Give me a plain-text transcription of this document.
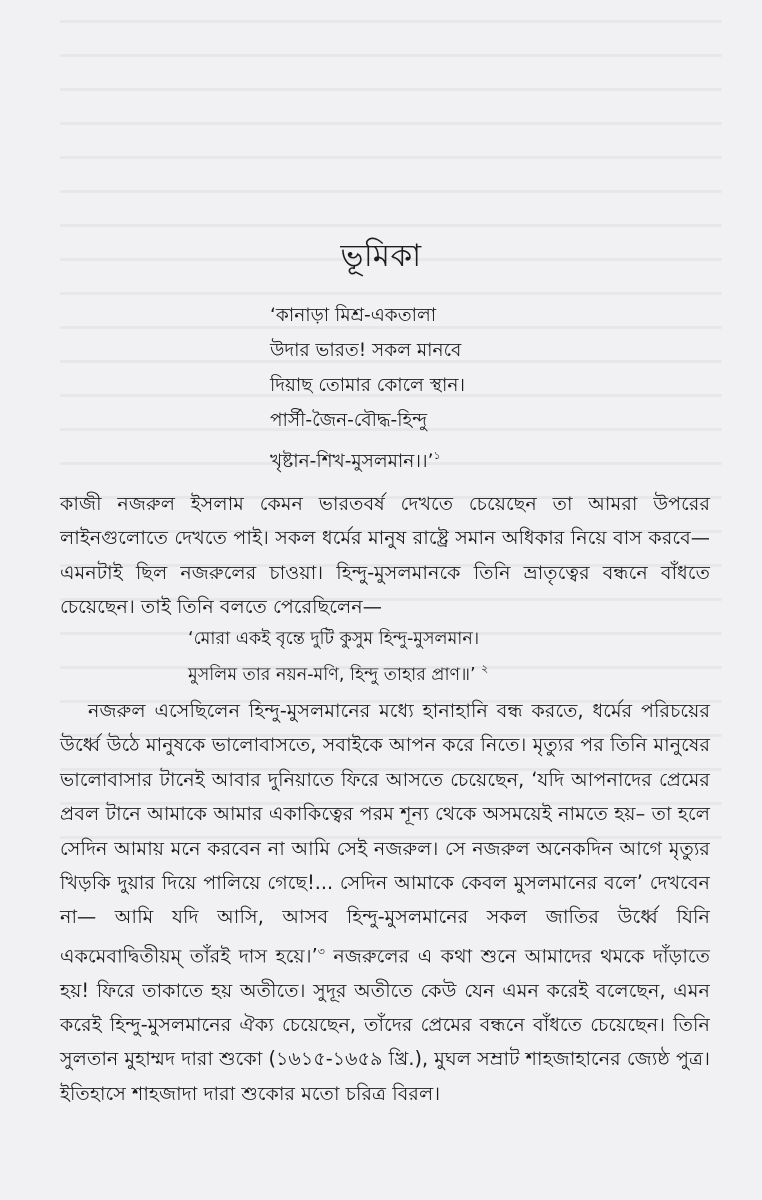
ভূমিকা
‘কানাড়া মিশ্র-একতালা
উদার ভারত! সকল মানবে
দিয়াছ তোমার কোলে স্থান।
পার্সী-জৈন-বৌদ্ধ-হিন্দু
খৃষ্টান-শিখ-মুসলমান।।’$^১$
কাজী নজরুল ইসলাম কেমন ভারতবর্ষ দেখতে চেয়েছেন তা আমরা উপরের লাইনগুলোতে দেখতে পাই। সকল ধর্মের মানুষ রাষ্ট্রে সমান অধিকার নিয়ে বাস করবে— এমনটাই ছিল নজরুলের চাওয়া। হিন্দু-মুসলমানকে তিনি ভ্রাতৃত্বের বন্ধনে বাঁধতে চেয়েছেন। তাই তিনি বলতে পেরেছিলেন—
‘মোরা একই বৃন্তে দুটি কুসুম হিন্দু-মুসলমান।
মুসলিম তার নয়ন-মণি, হিন্দু তাহার প্রাণ॥’ $^২$
নজরুল এসেছিলেন হিন্দু-মুসলমানের মধ্যে হানাহানি বন্ধ করতে, ধর্মের পরিচয়ের উর্ধ্বে উঠে মানুষকে ভালোবাসতে, সবাইকে আপন করে নিতে। মৃত্যুর পর তিনি মানুষের ভালোবাসার টানেই আবার দুনিয়াতে ফিরে আসতে চেয়েছেন, ‘যদি আপনাদের প্রেমের প্রবল টানে আমাকে আমার একাকিত্বের পরম শূন্য থেকে অসময়েই নামতে হয়– তা হলে সেদিন আমায় মনে করবেন না আমি সেই নজরুল। সে নজরুল অনেকদিন আগে মৃত্যুর খিড়কি দুয়ার দিয়ে পালিয়ে গেছে!... সেদিন আমাকে কেবল মুসলমানের বলে’ দেখবেন না— আমি যদি আসি, আসব হিন্দু-মুসলমানের সকল জাতির উর্ধ্বে যিনি একমেবাদ্বিতীয়ম্ তাঁরই দাস হয়ে।’$^৩$ নজরুলের এ কথা শুনে আমাদের থমকে দাঁড়াতে হয়! ফিরে তাকাতে হয় অতীতে। সুদূর অতীতে কেউ যেন এমন করেই বলেছেন, এমন করেই হিন্দু-মুসলমানের ঐক্য চেয়েছেন, তাঁদের প্রেমের বন্ধনে বাঁধতে চেয়েছেন। তিনি সুলতান মুহাম্মদ দারা শুকো (১৬১৫-১৬৫৯ খ্রি.), মুঘল সম্রাট শাহজাহানের জ্যেষ্ঠ পুত্র। ইতিহাসে শাহজাদা দারা শুকোর মতো চরিত্র বিরল।
